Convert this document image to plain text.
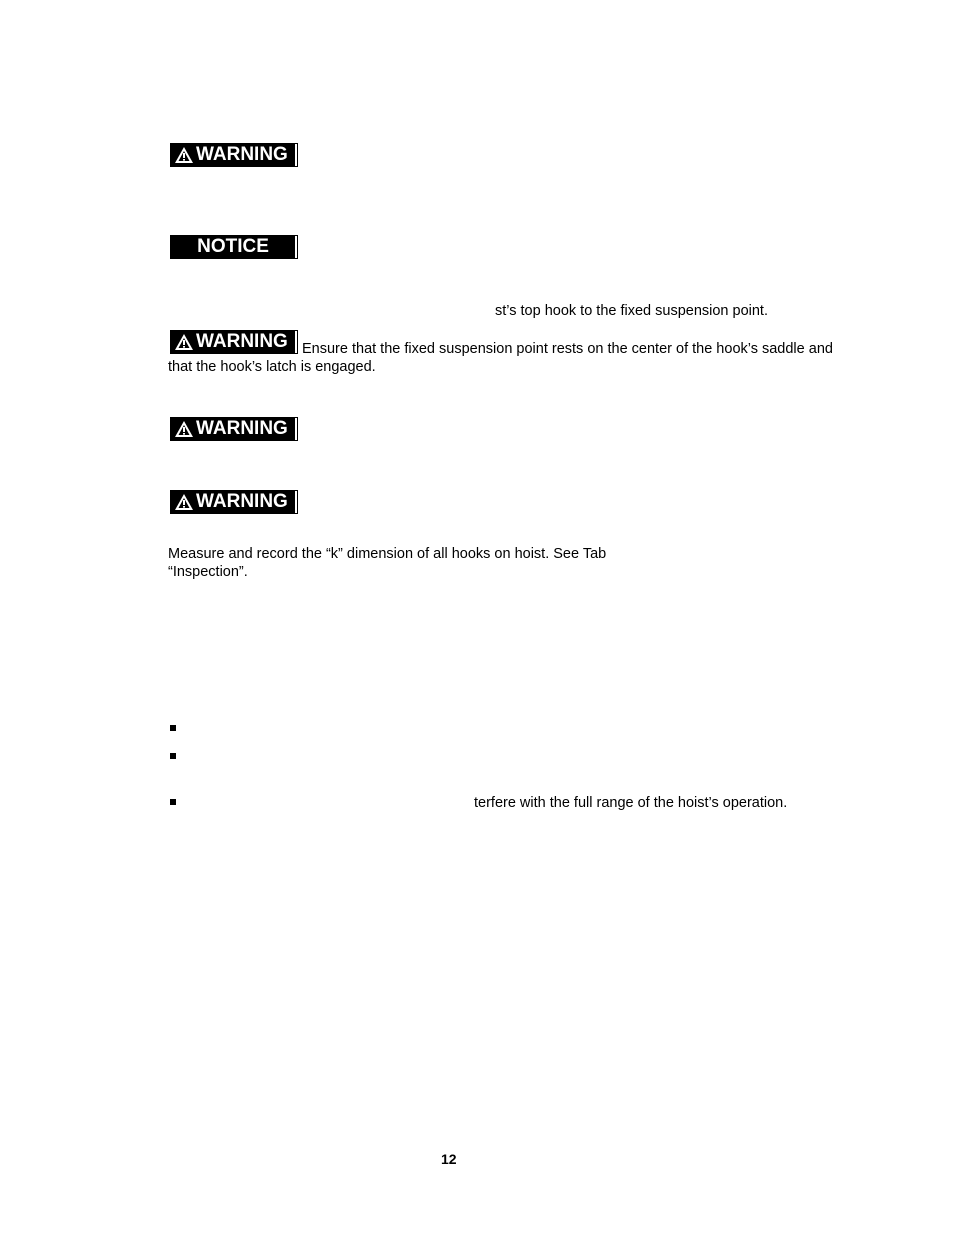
WARNING
NOTICE
st’s top hook to the fixed suspension point.
WARNING Ensure that the fixed suspension point rests on the center of the hook’s saddle and
that the hook’s latch is engaged.
WARNING
WARNING
Measure and record the “k” dimension of all hooks on hoist. See Tab
“Inspection”.
terfere with the full range of the hoist’s operation.
12
